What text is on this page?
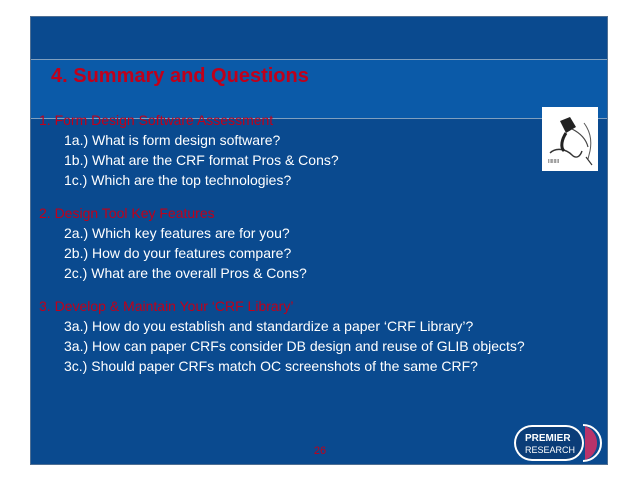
4. Summary and Questions
IIIIIIII
1. Form Design Software Assessment
1a.) What is form design software?
1b.) What are the CRF format Pros & Cons?
1c.) Which are the top technologies?
2. Design Tool Key Features
2a.) Which key features are for you?
2b.) How do your features compare?
2c.) What are the overall Pros & Cons?
3. Develop & Maintain Your ‘CRF Library’
3a.) How do you establish and standardize a paper ‘CRF Library’?
3a.) How can paper CRFs consider DB design and reuse of GLIB objects?
3c.) Should paper CRFs match OC screenshots of the same CRF?
26
PREMIER
RESEARCH
